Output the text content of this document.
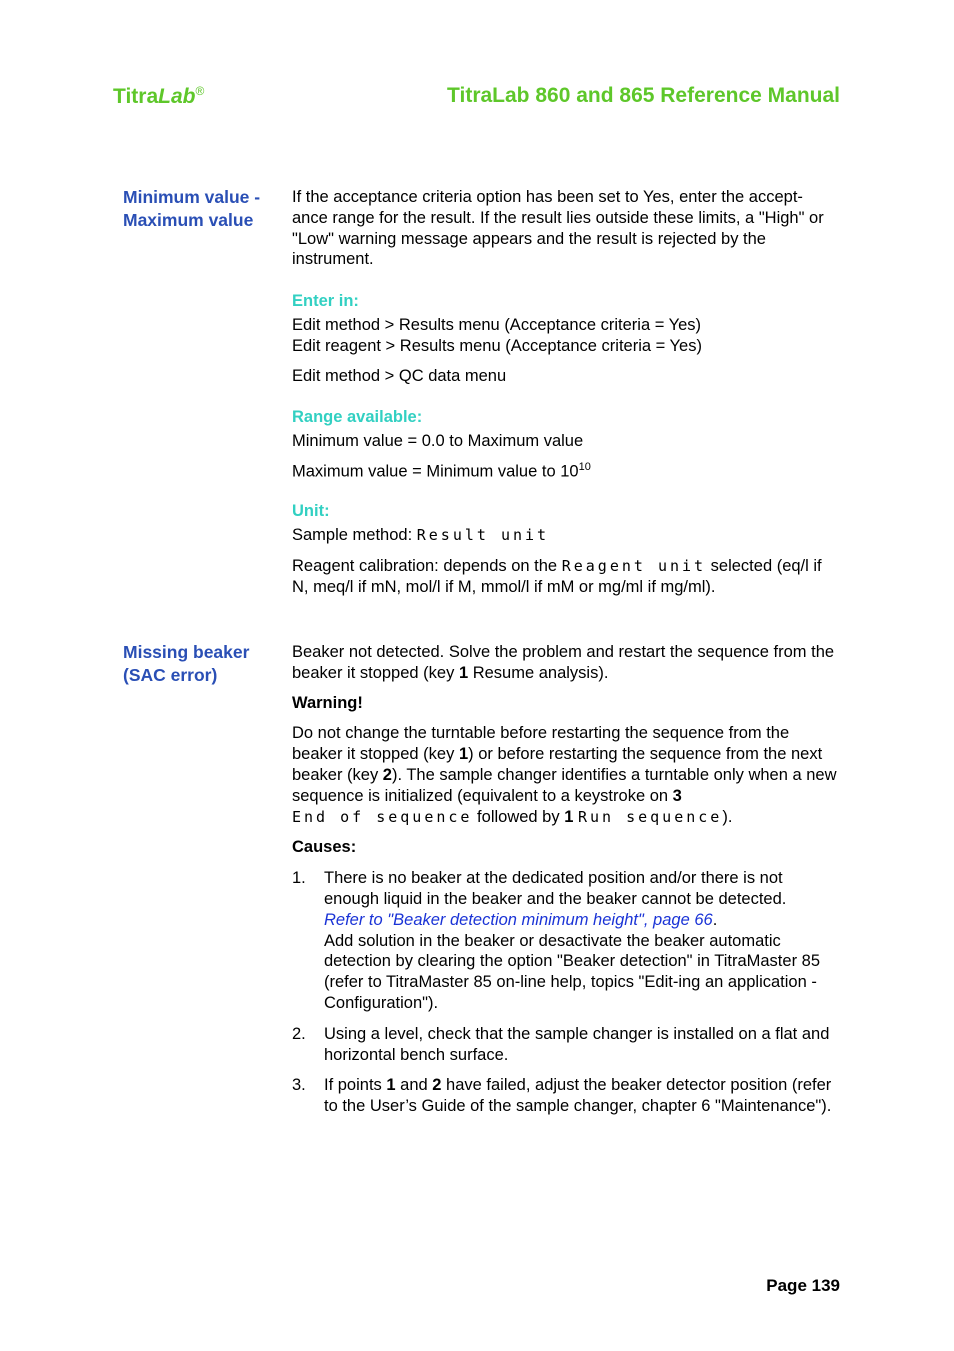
TitraLab®	TitraLab 860 and 865 Reference Manual
Minimum value -
Maximum value

If the acceptance criteria option has been set to Yes, enter the accept-ance range for the result. If the result lies outside these limits, a "High" or "Low" warning message appears and the result is rejected by the instrument.

Enter in:

Edit method > Results menu (Acceptance criteria = Yes)

Edit reagent > Results menu (Acceptance criteria = Yes)

Edit method > QC data menu

Range available:

Minimum value = 0.0 to Maximum value

Maximum value = Minimum value to $10^{10}$

Unit:

Sample method: Result unit

Reagent calibration: depends on the Reagent unit selected (eq/l if N, meq/l if mN, mol/l if M, mmol/l if mM or mg/ml if mg/ml).

Missing beaker
(SAC error)

Beaker not detected. Solve the problem and restart the sequence from the beaker it stopped (key 1 Resume analysis).

Warning!

Do not change the turntable before restarting the sequence from the beaker it stopped (key 1) or before restarting the sequence from the next beaker (key 2). The sample changer identifies a turntable only when a new sequence is initialized (equivalent to a keystroke on 3
End of sequence followed by 1 Run sequence).

Causes:

1. There is no beaker at the dedicated position and/or there is not enough liquid in the beaker and the beaker cannot be detected.
Refer to "Beaker detection minimum height", page 66.
Add solution in the beaker or desactivate the beaker automatic detection by clearing the option "Beaker detection" in TitraMaster 85 (refer to TitraMaster 85 on-line help, topics "Edit-ing an application - Configuration").
2. Using a level, check that the sample changer is installed on a flat and horizontal bench surface.
3. If points 1 and 2 have failed, adjust the beaker detector position (refer to the User’s Guide of the sample changer, chapter 6 "Maintenance").
Page 139
